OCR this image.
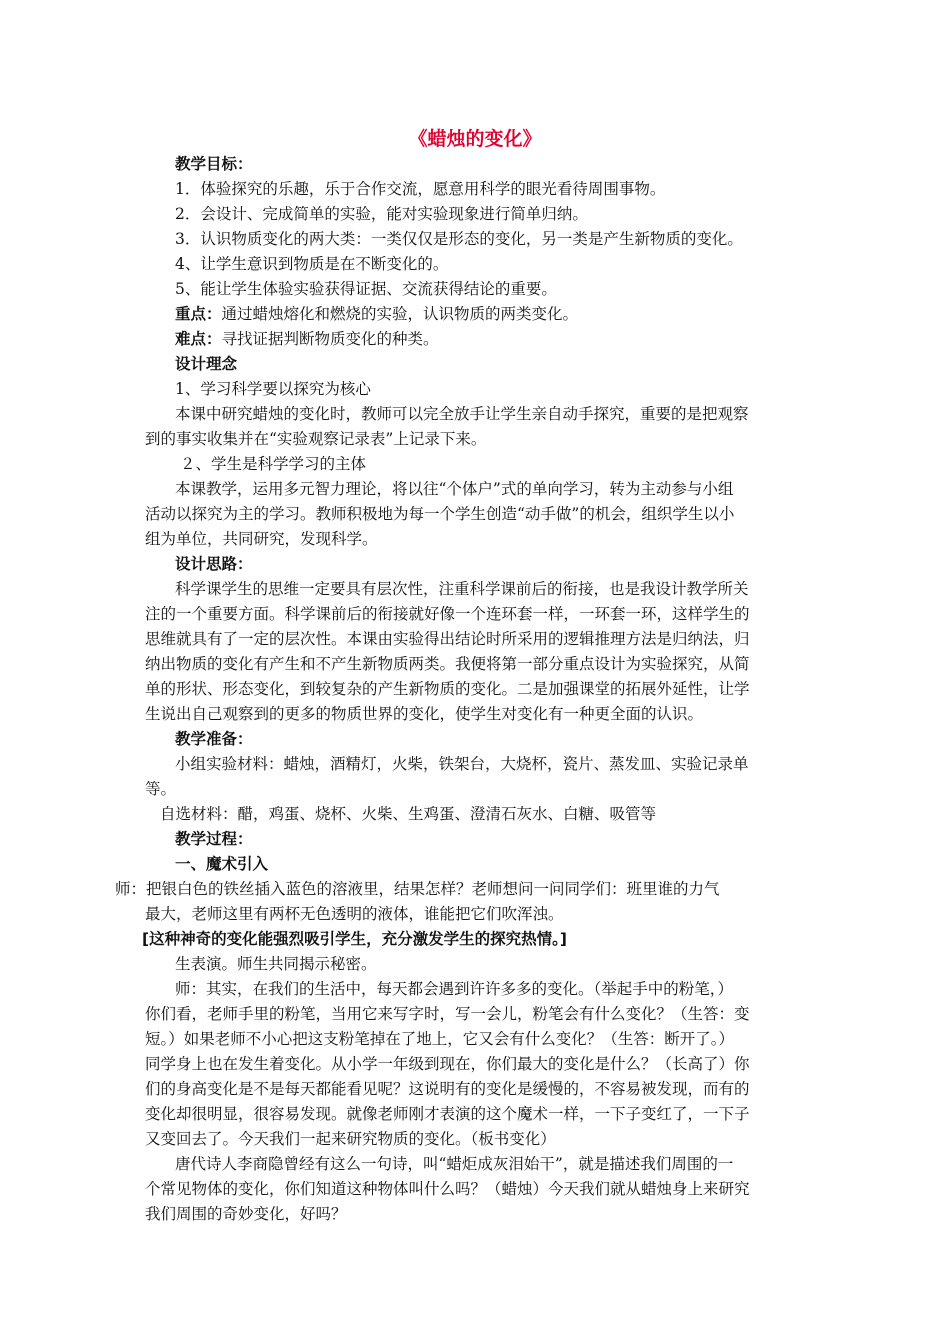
《蜡烛的变化》
教学目标：
1．体验探究的乐趣，乐于合作交流，愿意用科学的眼光看待周围事物。
2．会设计、完成简单的实验，能对实验现象进行简单归纳。
3．认识物质变化的两大类：一类仅仅是形态的变化，另一类是产生新物质的变化。
4、让学生意识到物质是在不断变化的。
5、能让学生体验实验获得证据、交流获得结论的重要。
重点：通过蜡烛熔化和燃烧的实验，认识物质的两类变化。
难点：寻找证据判断物质变化的种类。
设计理念
1、学习科学要以探究为核心
本课中研究蜡烛的变化时，教师可以完全放手让学生亲自动手探究，重要的是把观察
到的事实收集并在“实验观察记录表”上记录下来。
２、学生是科学学习的主体
本课教学，运用多元智力理论，将以往“个体户”式的单向学习，转为主动参与小组
活动以探究为主的学习。教师积极地为每一个学生创造“动手做”的机会，组织学生以小
组为单位，共同研究，发现科学。
设计思路：
科学课学生的思维一定要具有层次性，注重科学课前后的衔接，也是我设计教学所关
注的一个重要方面。科学课前后的衔接就好像一个连环套一样，一环套一环，这样学生的
思维就具有了一定的层次性。本课由实验得出结论时所采用的逻辑推理方法是归纳法，归
纳出物质的变化有产生和不产生新物质两类。我便将第一部分重点设计为实验探究，从简
单的形状、形态变化，到较复杂的产生新物质的变化。二是加强课堂的拓展外延性，让学
生说出自己观察到的更多的物质世界的变化，使学生对变化有一种更全面的认识。
教学准备：
小组实验材料：蜡烛，酒精灯，火柴，铁架台，大烧杯，瓷片、蒸发皿、实验记录单
等。
自选材料：醋，鸡蛋、烧杯、火柴、生鸡蛋、澄清石灰水、白糖、吸管等
教学过程：
一、魔术引入
师：把银白色的铁丝插入蓝色的溶液里，结果怎样？老师想问一问同学们：班里谁的力气
最大，老师这里有两杯无色透明的液体，谁能把它们吹浑浊。
[这种神奇的变化能强烈吸引学生，充分激发学生的探究热情。]
生表演。师生共同揭示秘密。
师：其实，在我们的生活中，每天都会遇到许许多多的变化。（举起手中的粉笔，）
你们看，老师手里的粉笔，当用它来写字时，写一会儿，粉笔会有什么变化？（生答：变
短。）如果老师不小心把这支粉笔掉在了地上，它又会有什么变化？（生答：断开了。）
同学身上也在发生着变化。从小学一年级到现在，你们最大的变化是什么？（长高了）你
们的身高变化是不是每天都能看见呢？这说明有的变化是缓慢的，不容易被发现，而有的
变化却很明显，很容易发现。就像老师刚才表演的这个魔术一样，一下子变红了，一下子
又变回去了。今天我们一起来研究物质的变化。（板书变化）
唐代诗人李商隐曾经有这么一句诗，叫“蜡炬成灰泪始干”，就是描述我们周围的一
个常见物体的变化，你们知道这种物体叫什么吗？（蜡烛）今天我们就从蜡烛身上来研究
我们周围的奇妙变化，好吗？
